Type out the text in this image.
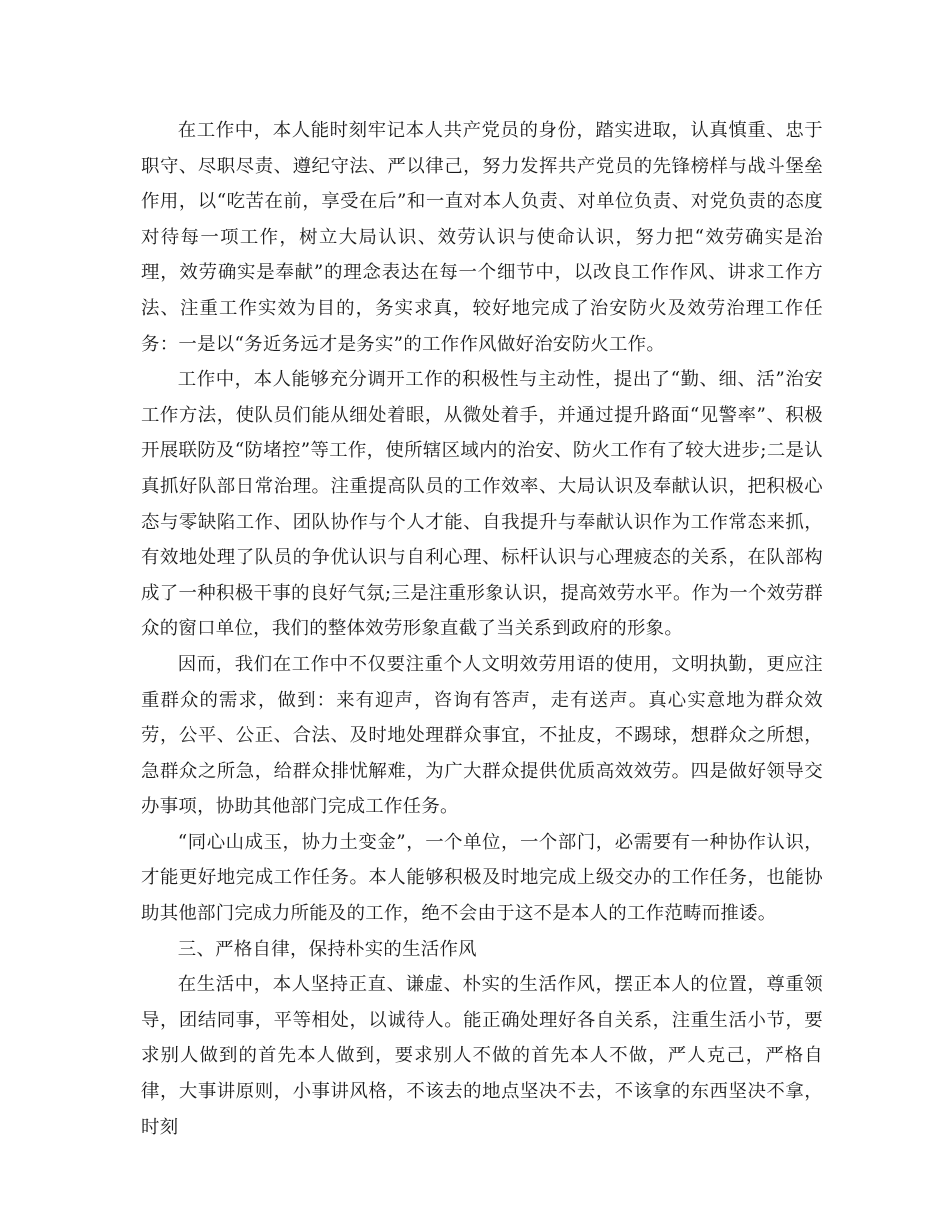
在工作中，本人能时刻牢记本人共产党员的身份，踏实进取，认真慎重、忠于职守、尽职尽责、遵纪守法、严以律己，努力发挥共产党员的先锋榜样与战斗堡垒作用，以“吃苦在前，享受在后”和一直对本人负责、对单位负责、对党负责的态度对待每一项工作，树立大局认识、效劳认识与使命认识，努力把“效劳确实是治理，效劳确实是奉献”的理念表达在每一个细节中，以改良工作作风、讲求工作方法、注重工作实效为目的，务实求真，较好地完成了治安防火及效劳治理工作任务：一是以“务近务远才是务实”的工作作风做好治安防火工作。

工作中，本人能够充分调开工作的积极性与主动性，提出了“勤、细、活”治安工作方法，使队员们能从细处着眼，从微处着手，并通过提升路面“见警率”、积极开展联防及“防堵控”等工作，使所辖区域内的治安、防火工作有了较大进步;二是认真抓好队部日常治理。注重提高队员的工作效率、大局认识及奉献认识，把积极心态与零缺陷工作、团队协作与个人才能、自我提升与奉献认识作为工作常态来抓，有效地处理了队员的争优认识与自利心理、标杆认识与心理疲态的关系，在队部构成了一种积极干事的良好气氛;三是注重形象认识，提高效劳水平。作为一个效劳群众的窗口单位，我们的整体效劳形象直截了当关系到政府的形象。

因而，我们在工作中不仅要注重个人文明效劳用语的使用，文明执勤，更应注重群众的需求，做到：来有迎声，咨询有答声，走有送声。真心实意地为群众效劳，公平、公正、合法、及时地处理群众事宜，不扯皮，不踢球，想群众之所想，急群众之所急，给群众排忧解难，为广大群众提供优质高效效劳。四是做好领导交办事项，协助其他部门完成工作任务。

“同心山成玉，协力土变金”，一个单位，一个部门，必需要有一种协作认识，才能更好地完成工作任务。本人能够积极及时地完成上级交办的工作任务，也能协助其他部门完成力所能及的工作，绝不会由于这不是本人的工作范畴而推诿。

三、严格自律，保持朴实的生活作风

在生活中，本人坚持正直、谦虚、朴实的生活作风，摆正本人的位置，尊重领导，团结同事，平等相处，以诚待人。能正确处理好各自关系，注重生活小节，要求别人做到的首先本人做到，要求别人不做的首先本人不做，严人克己，严格自律，大事讲原则，小事讲风格，不该去的地点坚决不去，不该拿的东西坚决不拿，时刻
